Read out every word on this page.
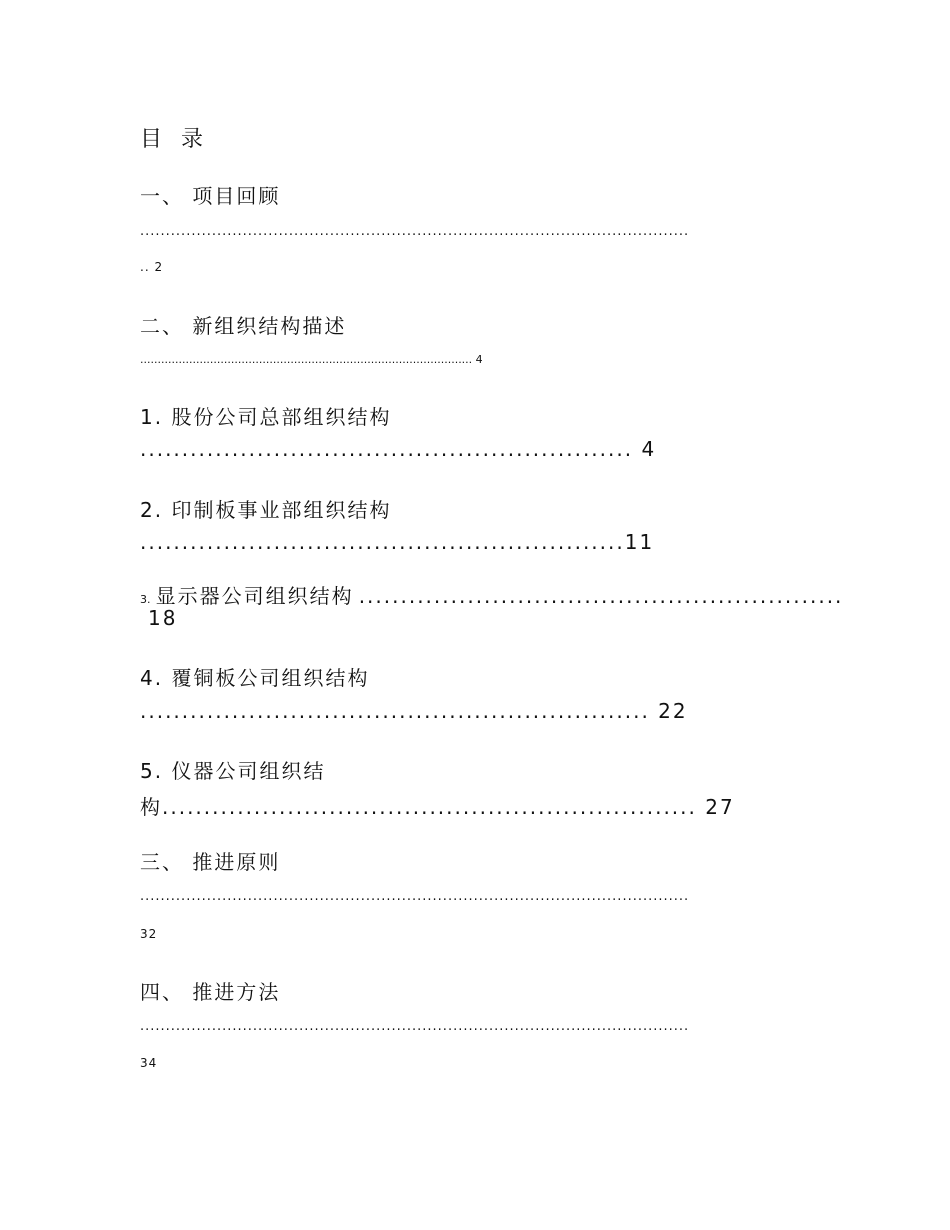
目 录
一、 项目回顾
...........................................................................................................
.. 2
二、 新组织结构描述
............................................................................................... 4
1. 股份公司总部组织结构
........................................................... 4
2. 印制板事业部组织结构
..........................................................11
3. 显示器公司组织结构 ..........................................................
18
4. 覆铜板公司组织结构
............................................................. 22
5. 仪器公司组织结
构................................................................ 27
三、 推进原则
...........................................................................................................
32
四、 推进方法
...........................................................................................................
34
